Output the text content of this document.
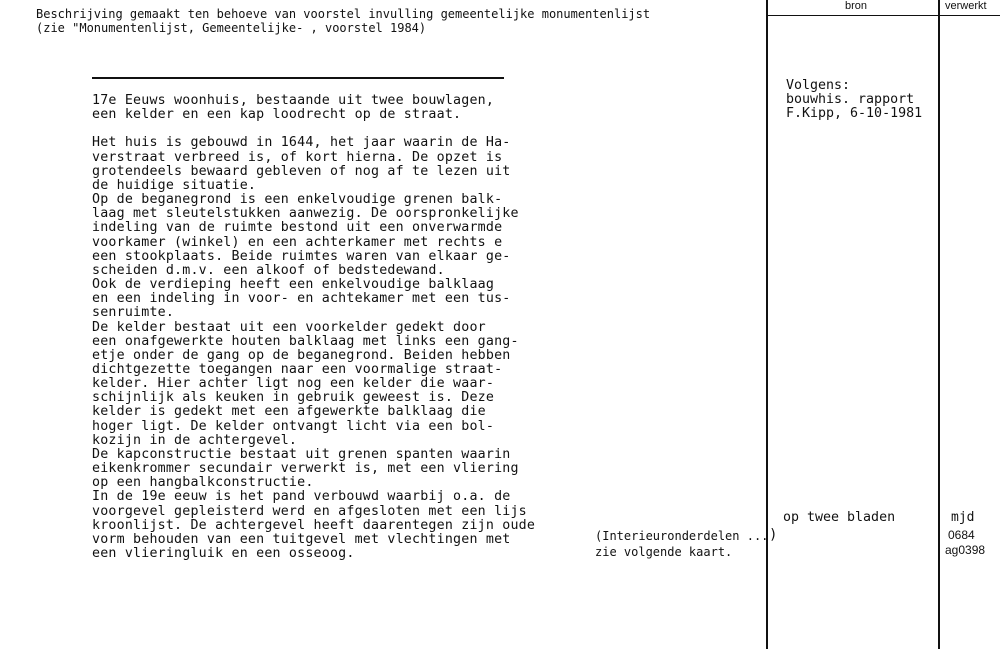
Beschrijving gemaakt ten behoeve van voorstel invulling gemeentelijke monumentenlijst
(zie "Monumentenlijst, Gemeentelijke- , voorstel 1984)
bron	verwerkt
17e Eeuws woonhuis, bestaande uit twee bouwlagen,
een kelder en een kap loodrecht op de straat.

Het huis is gebouwd in 1644, het jaar waarin de Ha-
verstraat verbreed is, of kort hierna. De opzet is
grotendeels bewaard gebleven of nog af te lezen uit
de huidige situatie.
Op de beganegrond is een enkelvoudige grenen balk-
laag met sleutelstukken aanwezig. De oorspronkelijke
indeling van de ruimte bestond uit een onverwarmde
voorkamer (winkel) en een achterkamer met rechts e
een stookplaats. Beide ruimtes waren van elkaar ge-
scheiden d.m.v. een alkoof of bedstedewand.
Ook de verdieping heeft een enkelvoudige balklaag
en een indeling in voor- en achtekamer met een tus-
senruimte.
De kelder bestaat uit een voorkelder gedekt door
een onafgewerkte houten balklaag met links een gang-
etje onder de gang op de beganegrond. Beiden hebben
dichtgezette toegangen naar een voormalige straat-
kelder. Hier achter ligt nog een kelder die waar-
schijnlijk als keuken in gebruik geweest is. Deze
kelder is gedekt met een afgewerkte balklaag die
hoger ligt. De kelder ontvangt licht via een bol-
kozijn in de achtergevel.
De kapconstructie bestaat uit grenen spanten waarin
eikenkrommer secundair verwerkt is, met een vliering
op een hangbalkconstructie.
In de 19e eeuw is het pand verbouwd waarbij o.a. de
voorgevel gepleisterd werd en afgesloten met een lijs
kroonlijst. De achtergevel heeft daarentegen zijn oude
vorm behouden van een tuitgevel met vlechtingen met
een vlieringluik en een osseoog.
Volgens:
bouwhis. rapport
F.Kipp, 6-10-1981
(Interieuronderdelen ...
zie volgende kaart.
)
op twee bladen	mjd
0684
ag0398
